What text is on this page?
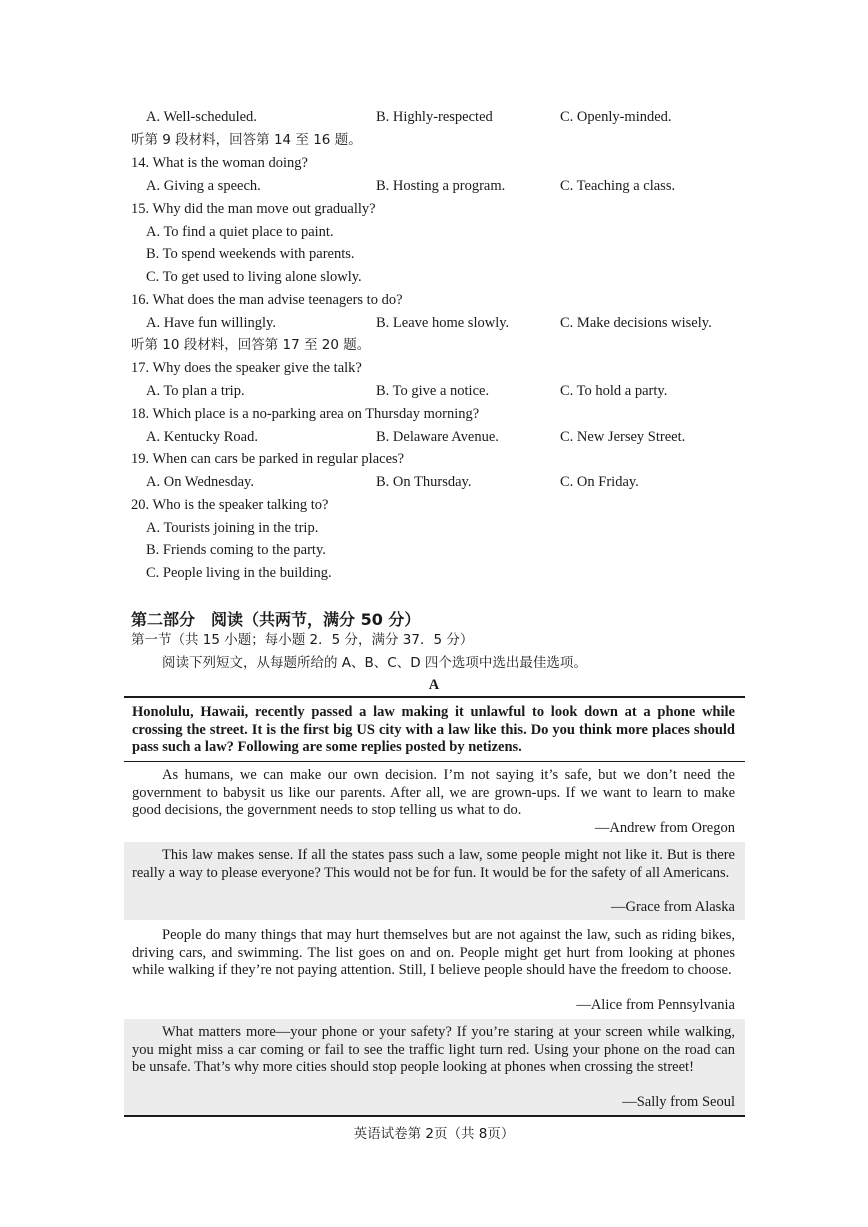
A. Well-scheduled.	B. Highly-respected	C. Openly-minded.
听第 9 段材料，回答第 14 至 16 题。
14. What is the woman doing?
A. Giving a speech.	B. Hosting a program.	C. Teaching a class.
15. Why did the man move out gradually?
A. To find a quiet place to paint.
B. To spend weekends with parents.
C. To get used to living alone slowly.
16. What does the man advise teenagers to do?
A. Have fun willingly.	B. Leave home slowly.	C. Make decisions wisely.
听第 10 段材料，回答第 17 至 20 题。
17. Why does the speaker give the talk?
A. To plan a trip.	B. To give a notice.	C. To hold a party.
18. Which place is a no-parking area on Thursday morning?
A. Kentucky Road.	B. Delaware Avenue.	C. New Jersey Street.
19. When can cars be parked in regular places?
A. On Wednesday.	B. On Thursday.	C. On Friday.
20. Who is the speaker talking to?
A. Tourists joining in the trip.
B. Friends coming to the party.
C. People living in the building.
第二部分　阅读（共两节，满分 50 分）
第一节（共 15 小题；每小题 2．5 分，满分 37．5 分）
阅读下列短文，从每题所给的 A、B、C、D 四个选项中选出最佳选项。
A
Honolulu, Hawaii, recently passed a law making it unlawful to look down at a phone while crossing the street. It is the first big US city with a law like this. Do you think more places should pass such a law? Following are some replies posted by netizens.
As humans, we can make our own decision. I’m not saying it’s safe, but we don’t need the government to babysit us like our parents. After all, we are grown-ups. If we want to learn to make good decisions, the government needs to stop telling us what to do.
—Andrew from Oregon
This law makes sense. If all the states pass such a law, some people might not like it. But is there really a way to please everyone? This would not be for fun. It would be for the safety of all Americans.
—Grace from Alaska
People do many things that may hurt themselves but are not against the law, such as riding bikes, driving cars, and swimming. The list goes on and on. People might get hurt from looking at phones while walking if they’re not paying attention. Still, I believe people should have the freedom to choose.
—Alice from Pennsylvania
What matters more—your phone or your safety? If you’re staring at your screen while walking, you might miss a car coming or fail to see the traffic light turn red. Using your phone on the road can be unsafe. That’s why more cities should stop people looking at phones when crossing the street!
—Sally from Seoul
英语试卷第 2页（共 8页）
